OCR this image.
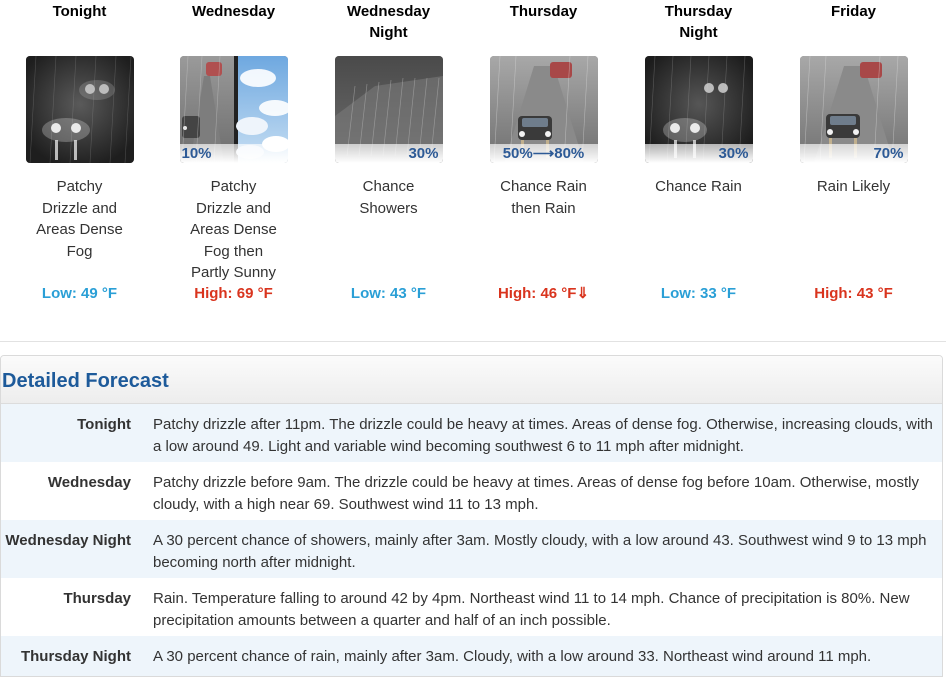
Tonight
Patchy
Drizzle and
Areas Dense
Fog
Low: 49 °F
Wednesday
10%
Patchy
Drizzle and
Areas Dense
Fog then
Partly Sunny
High: 69 °F
Wednesday
Night
30%
Chance
Showers
Low: 43 °F
Thursday
50%⟶80%
Chance Rain
then Rain
High: 46 °F⇓
Thursday
Night
30%
Chance Rain
Low: 33 °F
Friday
70%
Rain Likely
High: 43 °F
Detailed Forecast
Tonight Patchy drizzle after 11pm. The drizzle could be heavy at times. Areas of dense fog. Otherwise, increasing clouds, with a low around 49. Light and variable wind becoming southwest 6 to 11 mph after midnight.
Wednesday Patchy drizzle before 9am. The drizzle could be heavy at times. Areas of dense fog before 10am. Otherwise, mostly cloudy, with a high near 69. Southwest wind 11 to 13 mph.
Wednesday Night A 30 percent chance of showers, mainly after 3am. Mostly cloudy, with a low around 43. Southwest wind 9 to 13 mph becoming north after midnight.
Thursday Rain. Temperature falling to around 42 by 4pm. Northeast wind 11 to 14 mph. Chance of precipitation is 80%. New precipitation amounts between a quarter and half of an inch possible.
Thursday Night A 30 percent chance of rain, mainly after 3am. Cloudy, with a low around 33. Northeast wind around 11 mph.
